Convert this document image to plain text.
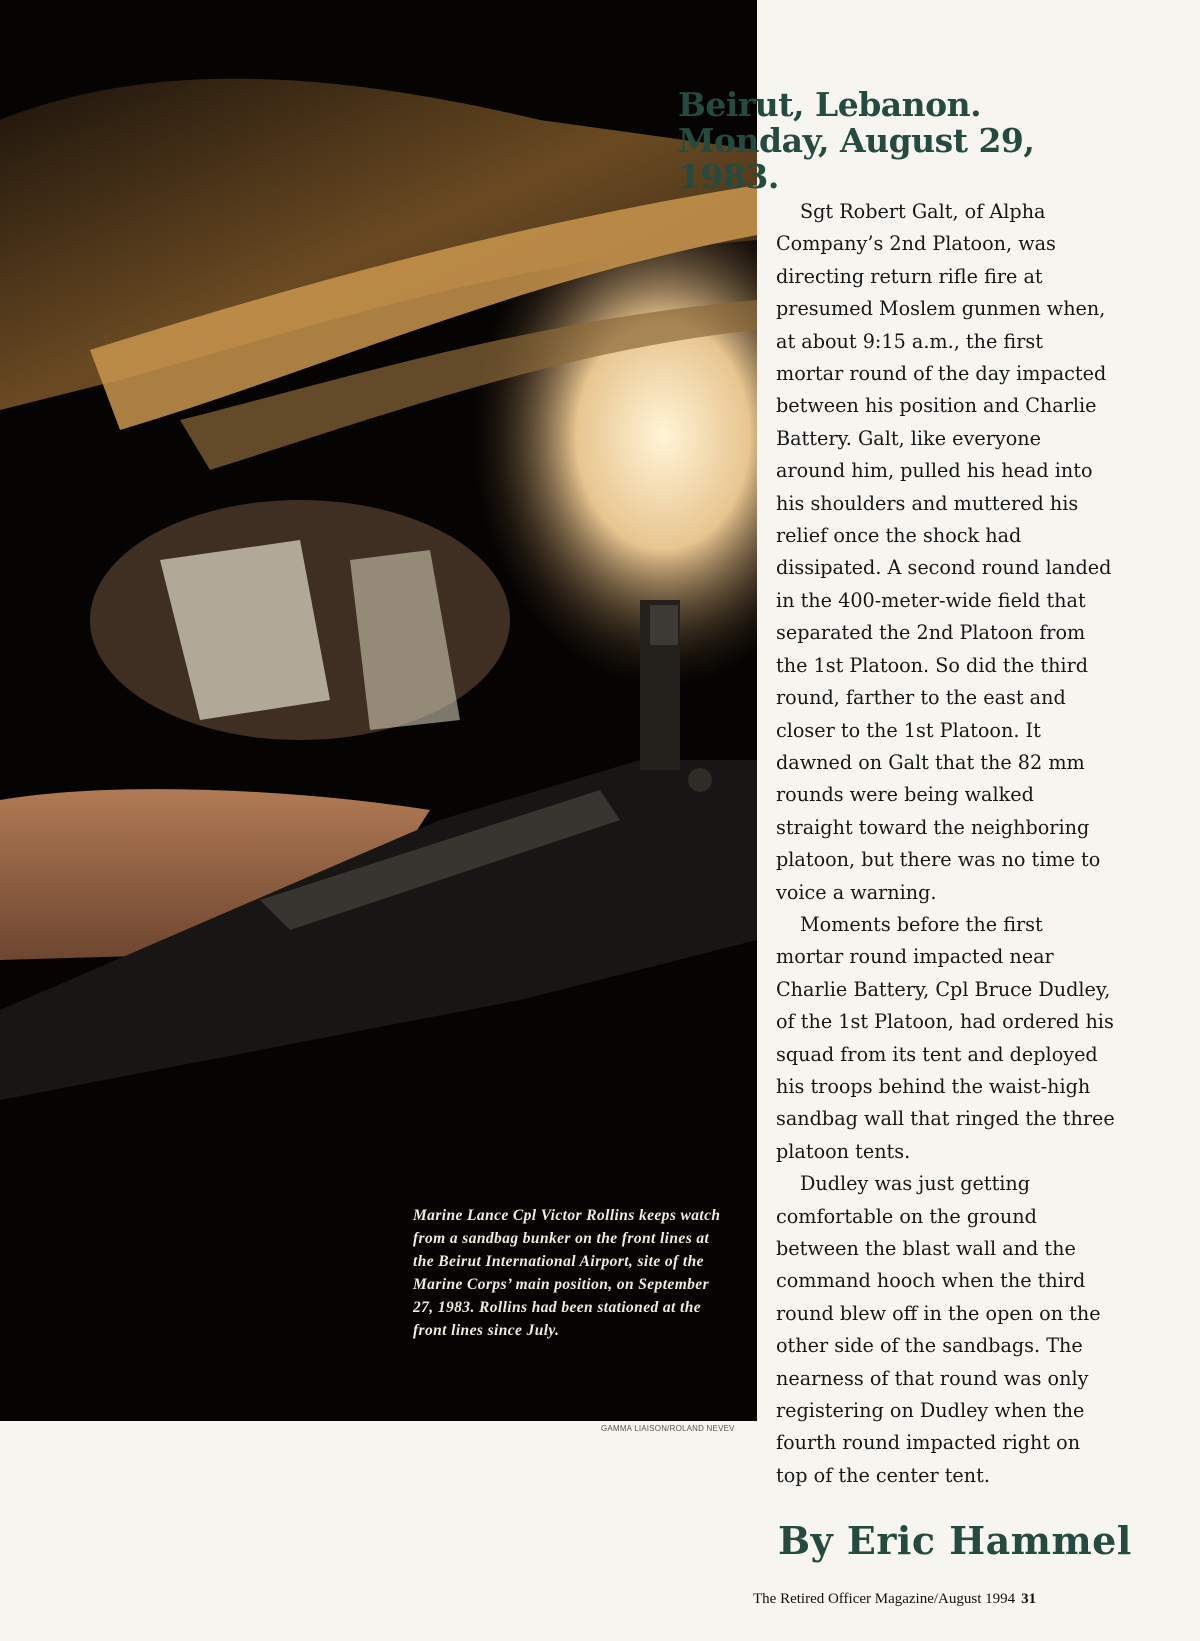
Marine Lance Cpl Victor Rollins keeps watch from a sandbag bunker on the front lines at the Beirut International Airport, site of the Marine Corps’ main position, on September 27, 1983. Rollins had been stationed at the front lines since July.
GAMMA LIAISON/ROLAND NEVEV
Beirut, Lebanon. Monday, August 29, 1983.

Sgt Robert Galt, of Alpha Company’s 2nd Platoon, was directing return rifle fire at presumed Moslem gunmen when, at about 9:15 a.m., the first mortar round of the day impacted between his position and Charlie Battery. Galt, like everyone around him, pulled his head into his shoulders and muttered his relief once the shock had dissipated. A second round landed in the 400-meter-wide field that separated the 2nd Platoon from the 1st Platoon. So did the third round, farther to the east and closer to the 1st Platoon. It dawned on Galt that the 82 mm rounds were being walked straight toward the neighboring platoon, but there was no time to voice a warning.

Moments before the first mortar round impacted near Charlie Battery, Cpl Bruce Dudley, of the 1st Platoon, had ordered his squad from its tent and deployed his troops behind the waist-high sandbag wall that ringed the three platoon tents.

Dudley was just getting comfortable on the ground between the blast wall and the command hooch when the third round blew off in the open on the other side of the sandbags. The nearness of that round was only registering on Dudley when the fourth round impacted right on top of the center tent.

By Eric Hammel
The Retired Officer Magazine/August 1994 31
